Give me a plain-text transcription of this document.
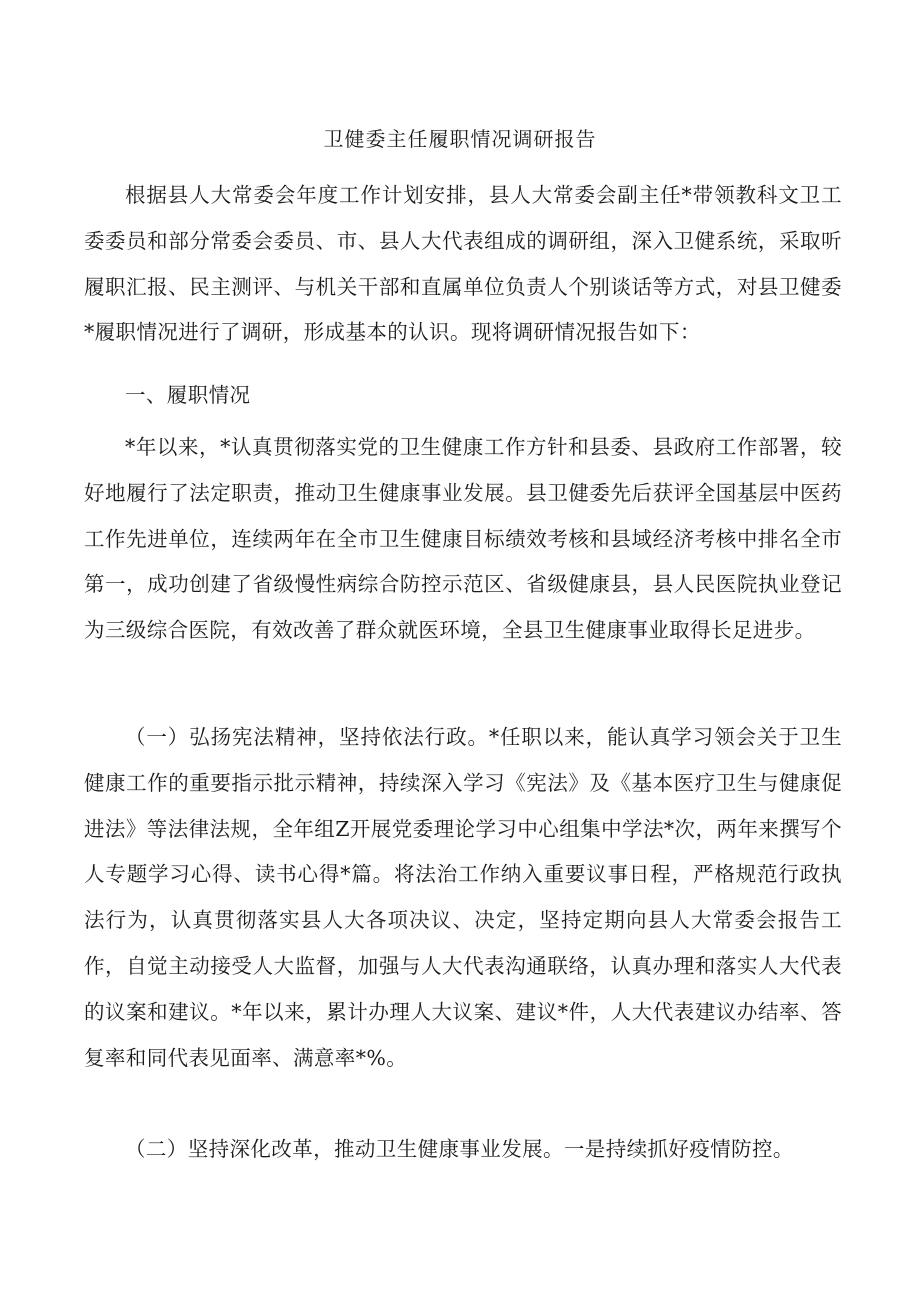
卫健委主任履职情况调研报告

根据县人大常委会年度工作计划安排，县人大常委会副主任*带领教科文卫工委委员和部分常委会委员、市、县人大代表组成的调研组，深入卫健系统，采取听履职汇报、民主测评、与机关干部和直属单位负责人个别谈话等方式，对县卫健委*履职情况进行了调研，形成基本的认识。现将调研情况报告如下：

一、履职情况

*年以来，*认真贯彻落实党的卫生健康工作方针和县委、县政府工作部署，较好地履行了法定职责，推动卫生健康事业发展。县卫健委先后获评全国基层中医药工作先进单位，连续两年在全市卫生健康目标绩效考核和县域经济考核中排名全市第一，成功创建了省级慢性病综合防控示范区、省级健康县，县人民医院执业登记为三级综合医院，有效改善了群众就医环境，全县卫生健康事业取得长足进步。

（一）弘扬宪法精神，坚持依法行政。*任职以来，能认真学习领会关于卫生健康工作的重要指示批示精神，持续深入学习《宪法》及《基本医疗卫生与健康促进法》等法律法规，全年组Z开展党委理论学习中心组集中学法*次，两年来撰写个人专题学习心得、读书心得*篇。将法治工作纳入重要议事日程，严格规范行政执法行为，认真贯彻落实县人大各项决议、决定，坚持定期向县人大常委会报告工作，自觉主动接受人大监督，加强与人大代表沟通联络，认真办理和落实人大代表的议案和建议。*年以来，累计办理人大议案、建议*件，人大代表建议办结率、答复率和同代表见面率、满意率*%。

（二）坚持深化改革，推动卫生健康事业发展。一是持续抓好疫情防控。
